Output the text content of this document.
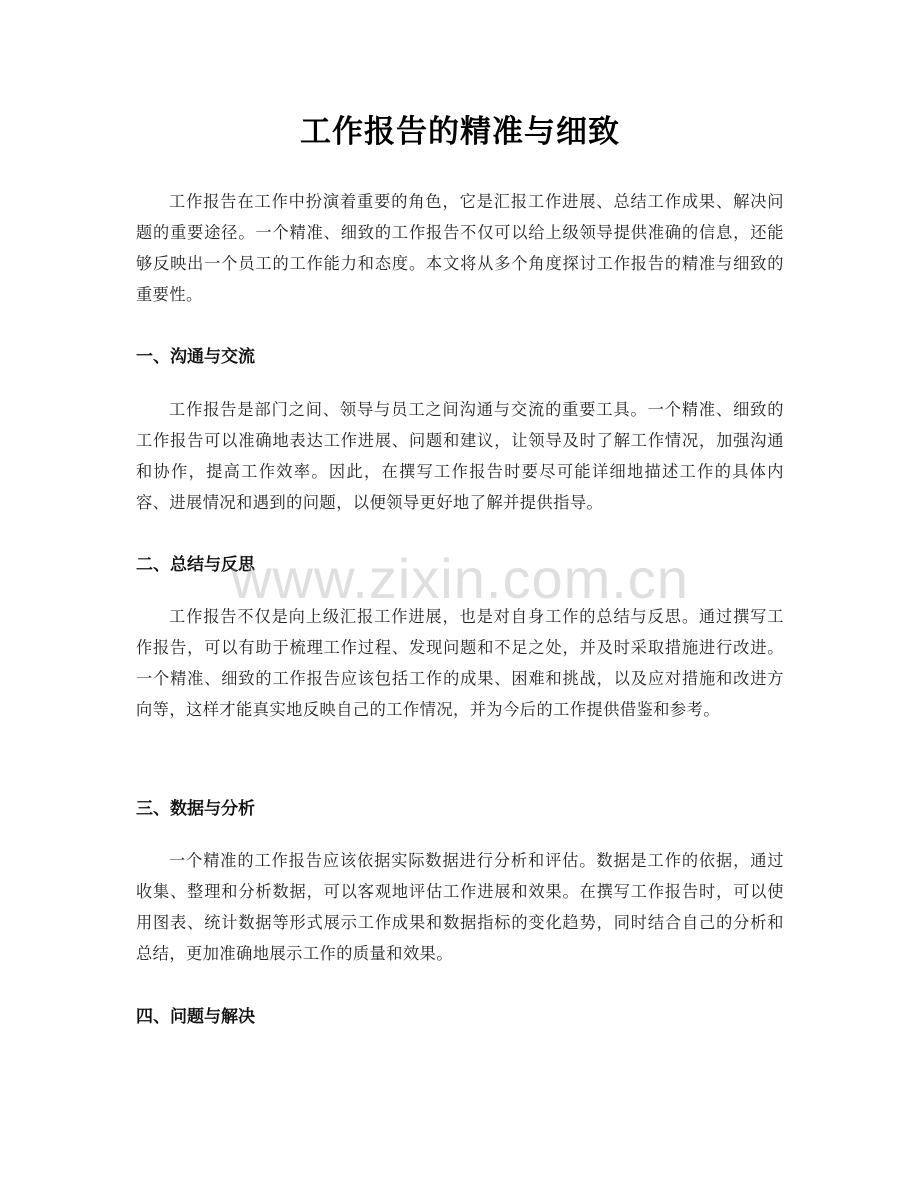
工作报告的精准与细致

工作报告在工作中扮演着重要的角色，它是汇报工作进展、总结工作成果、解决问题的重要途径。一个精准、细致的工作报告不仅可以给上级领导提供准确的信息，还能够反映出一个员工的工作能力和态度。本文将从多个角度探讨工作报告的精准与细致的重要性。

一、沟通与交流

工作报告是部门之间、领导与员工之间沟通与交流的重要工具。一个精准、细致的工作报告可以准确地表达工作进展、问题和建议，让领导及时了解工作情况，加强沟通和协作，提高工作效率。因此，在撰写工作报告时要尽可能详细地描述工作的具体内容、进展情况和遇到的问题，以便领导更好地了解并提供指导。

二、总结与反思

工作报告不仅是向上级汇报工作进展，也是对自身工作的总结与反思。通过撰写工作报告，可以有助于梳理工作过程、发现问题和不足之处，并及时采取措施进行改进。一个精准、细致的工作报告应该包括工作的成果、困难和挑战，以及应对措施和改进方向等，这样才能真实地反映自己的工作情况，并为今后的工作提供借鉴和参考。

三、数据与分析

一个精准的工作报告应该依据实际数据进行分析和评估。数据是工作的依据，通过收集、整理和分析数据，可以客观地评估工作进展和效果。在撰写工作报告时，可以使用图表、统计数据等形式展示工作成果和数据指标的变化趋势，同时结合自己的分析和总结，更加准确地展示工作的质量和效果。

四、问题与解决
www.zixin.com.cn
